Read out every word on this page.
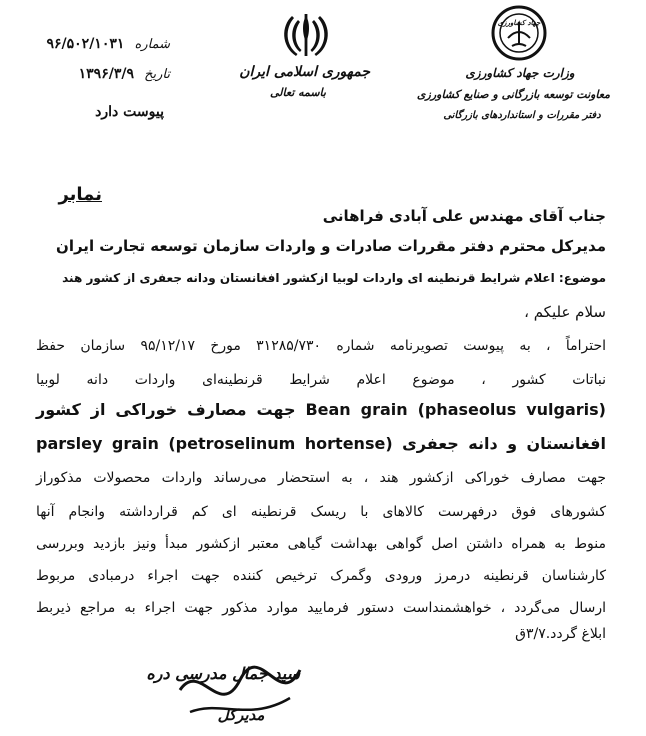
شماره ۹۶/۵۰۲/۱۰۳۱
تاریخ ۱۳۹۶/۳/۹
پیوست دارد
جمهوری اسلامی ایران
باسمه تعالی
جهاد کشاورزی
وزارت جهاد کشاورزی
معاونت توسعه بازرگانی و صنایع کشاورزی
دفتر مقررات و استانداردهای بازرگانی
نمابر
جناب آقای مهندس علی آبادی فراهانی
مدیرکل محترم دفتر مقررات صادرات و واردات سازمان توسعه تجارت ایران
موضوع: اعلام شرایط قرنطینه ای واردات لوبیا ازکشور افغانستان ودانه جعفری از کشور هند
سلام علیکم ،
احتراماً ، به پیوست تصویرنامه شماره ۳۱۲۸۵/۷۳۰ مورخ ۹۵/۱۲/۱۷ سازمان حفظ
نباتات کشور ، موضوع اعلام شرایط قرنطینه‌ای واردات دانه لوبیا
Bean grain (phaseolus vulgaris) جهت مصارف خوراکی از کشور
افغانستان و دانه جعفری parsley grain (petroselinum hortense)
جهت مصارف خوراکی ازکشور هند ، به استحضار می‌رساند واردات محصولات مذکوراز
کشورهای فوق درفهرست کالاهای با ریسک قرنطینه ای کم قرارداشته وانجام آنها
منوط به همراه داشتن اصل گواهی بهداشت گیاهی معتبر ازکشور مبدأ ونیز بازدید وبررسی
کارشناسان قرنطینه درمرز ورودی وگمرک ترخیص کننده جهت اجراء درمبادی مربوط
ارسال می‌گردد ، خواهشمنداست دستور فرمایید موارد مذکور جهت اجراء به مراجع ذیربط
ابلاغ گردد.۳/۷ق
سید جمال مدرسی دره
مدیرکل
